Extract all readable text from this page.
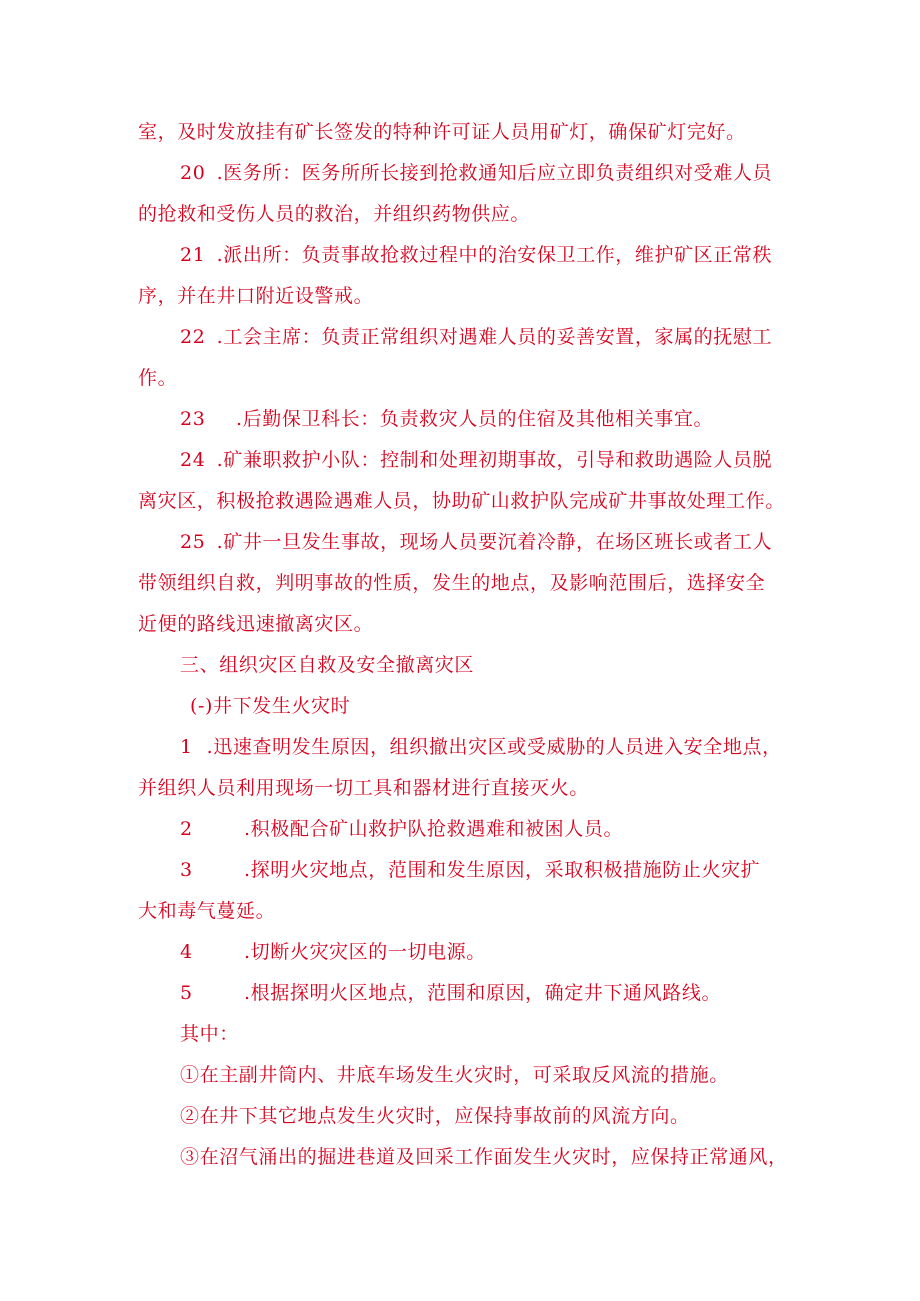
室，及时发放挂有矿长签发的特种许可证人员用矿灯，确保矿灯完好。
20 .医务所：医务所所长接到抢救通知后应立即负责组织对受难人员
的抢救和受伤人员的救治，并组织药物供应。
21 .派出所：负责事故抢救过程中的治安保卫工作，维护矿区正常秩
序，并在井口附近设警戒。
22 .工会主席：负责正常组织对遇难人员的妥善安置，家属的抚慰工
作。
23 .后勤保卫科长：负责救灾人员的住宿及其他相关事宜。
24 .矿兼职救护小队：控制和处理初期事故，引导和救助遇险人员脱
离灾区，积极抢救遇险遇难人员，协助矿山救护队完成矿井事故处理工作。
25 .矿井一旦发生事故，现场人员要沉着冷静，在场区班长或者工人
带领组织自救，判明事故的性质，发生的地点，及影响范围后，选择安全
近便的路线迅速撤离灾区。
三、组织灾区自救及安全撤离灾区
(-)井下发生火灾时
1 .迅速查明发生原因，组织撤出灾区或受威胁的人员进入安全地点，
并组织人员利用现场一切工具和器材进行直接灭火。
2	.积极配合矿山救护队抢救遇难和被困人员。
3	.探明火灾地点，范围和发生原因，采取积极措施防止火灾扩
大和毒气蔓延。
4	.切断火灾灾区的一切电源。
5	.根据探明火区地点，范围和原因，确定井下通风路线。
其中：
①在主副井筒内、井底车场发生火灾时，可采取反风流的措施。
②在井下其它地点发生火灾时，应保持事故前的风流方向。
③在沼气涌出的掘进巷道及回采工作面发生火灾时，应保持正常通风，
